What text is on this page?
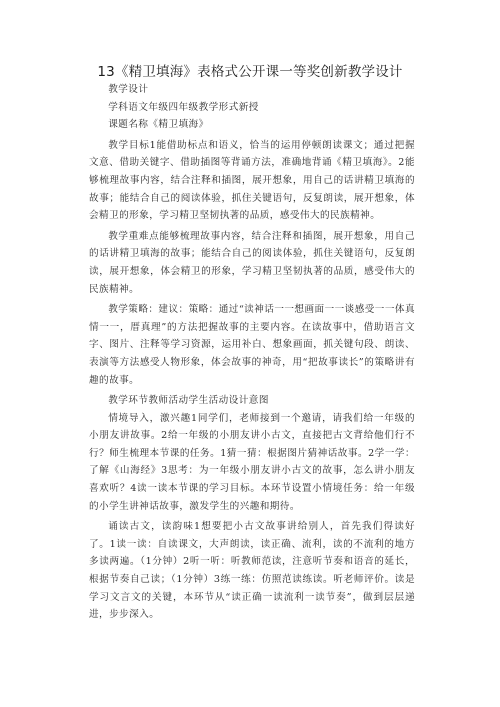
13《精卫填海》表格式公开课一等奖创新教学设计

教学设计

学科语文年级四年级教学形式新授

课题名称《精卫填海》

教学目标1能借助标点和语义，恰当的运用停顿朗读课文；通过把握文意、借助关键字、借助插图等背诵方法，准确地背诵《精卫填海》。2能够梳理故事内容，结合注释和插图，展开想象，用自己的话讲精卫填海的故事；能结合自己的阅读体验，抓住关键语句，反复朗读，展开想象，体会精卫的形象，学习精卫坚韧执著的品质，感受伟大的民族精神。

教学重难点能够梳理故事内容，结合注释和插图，展开想象，用自己的话讲精卫填海的故事；能结合自己的阅读体验，抓住关键语句，反复朗读，展开想象，体会精卫的形象，学习精卫坚韧执著的品质，感受伟大的民族精神。

教学策略：建议：策略：通过“读神话一一想画面一一谈感受一一体真情一一，厝真理”的方法把握故事的主要内容。在读故事中，借助语言文字、图片、注释等学习资源，运用补白、想象画面，抓关键句段、朗读、表演等方法感受人物形象，体会故事的神奇，用“把故事读长”的策略讲有趣的故事。

教学环节教师活动学生活动设计意图

情境导入，激兴趣1同学们，老师接到一个邀请，请我们给一年级的小朋友讲故事。2给一年级的小朋友讲小古文，直接把古文背给他们行不行？师生梳理本节课的任务。1猜一猜：根据图片猜神话故事。2学一学：了解《山海经》3思考：为一年级小朋友讲小古文的故事，怎么讲小朋友喜欢听？4读一读本节课的学习目标。本环节设置小情境任务：给一年级的小学生讲神话故事，激发学生的兴趣和期待。

诵读古文，读韵味1想要把小古文故事讲给别人，首先我们得读好了。1读一读：自读课文，大声朗读，读正确、流利，读的不流利的地方多读两遍。（1分钟）2听一听：听教师范读，注意听节奏和语音的延长，根据节奏自己读；（1分钟）3练一练：仿照范读练读。听老师评价。读是学习文言文的关键，本环节从“读正确一读流利一读节奏”，做到层层递进，步步深入。
